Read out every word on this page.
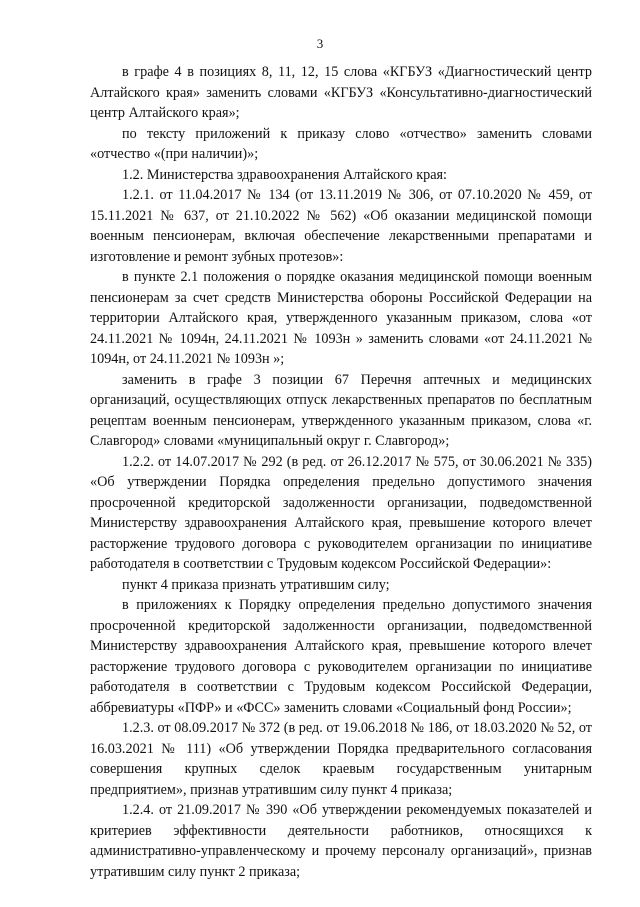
3

в графе 4 в позициях 8, 11, 12, 15 слова «КГБУЗ «Диагностический центр Алтайского края» заменить словами «КГБУЗ «Консультативно-диагностический центр Алтайского края»;

по тексту приложений к приказу слово «отчество» заменить словами «отчество «(при наличии)»;

1.2. Министерства здравоохранения Алтайского края:

1.2.1. от 11.04.2017 № 134 (от 13.11.2019 № 306, от 07.10.2020 № 459, от 15.11.2021 № 637, от 21.10.2022 № 562) «Об оказании медицинской помощи военным пенсионерам, включая обеспечение лекарственными препаратами и изготовление и ремонт зубных протезов»:

в пункте 2.1 положения о порядке оказания медицинской помощи военным пенсионерам за счет средств Министерства обороны Российской Федерации на территории Алтайского края, утвержденного указанным приказом, слова «от 24.11.2021 № 1094н, 24.11.2021 № 1093н » заменить словами «от 24.11.2021 № 1094н, от 24.11.2021 № 1093н »;

заменить в графе 3 позиции 67 Перечня аптечных и медицинских организаций, осуществляющих отпуск лекарственных препаратов по бесплатным рецептам военным пенсионерам, утвержденного указанным приказом, слова «г. Славгород» словами «муниципальный округ г. Славгород»;

1.2.2. от 14.07.2017 № 292 (в ред. от 26.12.2017 № 575, от 30.06.2021 № 335) «Об утверждении Порядка определения предельно допустимого значения просроченной кредиторской задолженности организации, подведомственной Министерству здравоохранения Алтайского края, превышение которого влечет расторжение трудового договора с руководителем организации по инициативе работодателя в соответствии с Трудовым кодексом Российской Федерации»:

пункт 4 приказа признать утратившим силу;

в приложениях к Порядку определения предельно допустимого значения просроченной кредиторской задолженности организации, подведомственной Министерству здравоохранения Алтайского края, превышение которого влечет расторжение трудового договора с руководителем организации по инициативе работодателя в соответствии с Трудовым кодексом Российской Федерации, аббревиатуры «ПФР» и «ФСС» заменить словами «Социальный фонд России»;

1.2.3. от 08.09.2017 № 372 (в ред. от 19.06.2018 № 186, от 18.03.2020 № 52, от 16.03.2021 № 111) «Об утверждении Порядка предварительного согласования совершения крупных сделок краевым государственным унитарным предприятием», признав утратившим силу пункт 4 приказа;

1.2.4. от 21.09.2017 № 390 «Об утверждении рекомендуемых показателей и критериев эффективности деятельности работников, относящихся к административно-управленческому и прочему персоналу организаций», признав утратившим силу пункт 2 приказа;
